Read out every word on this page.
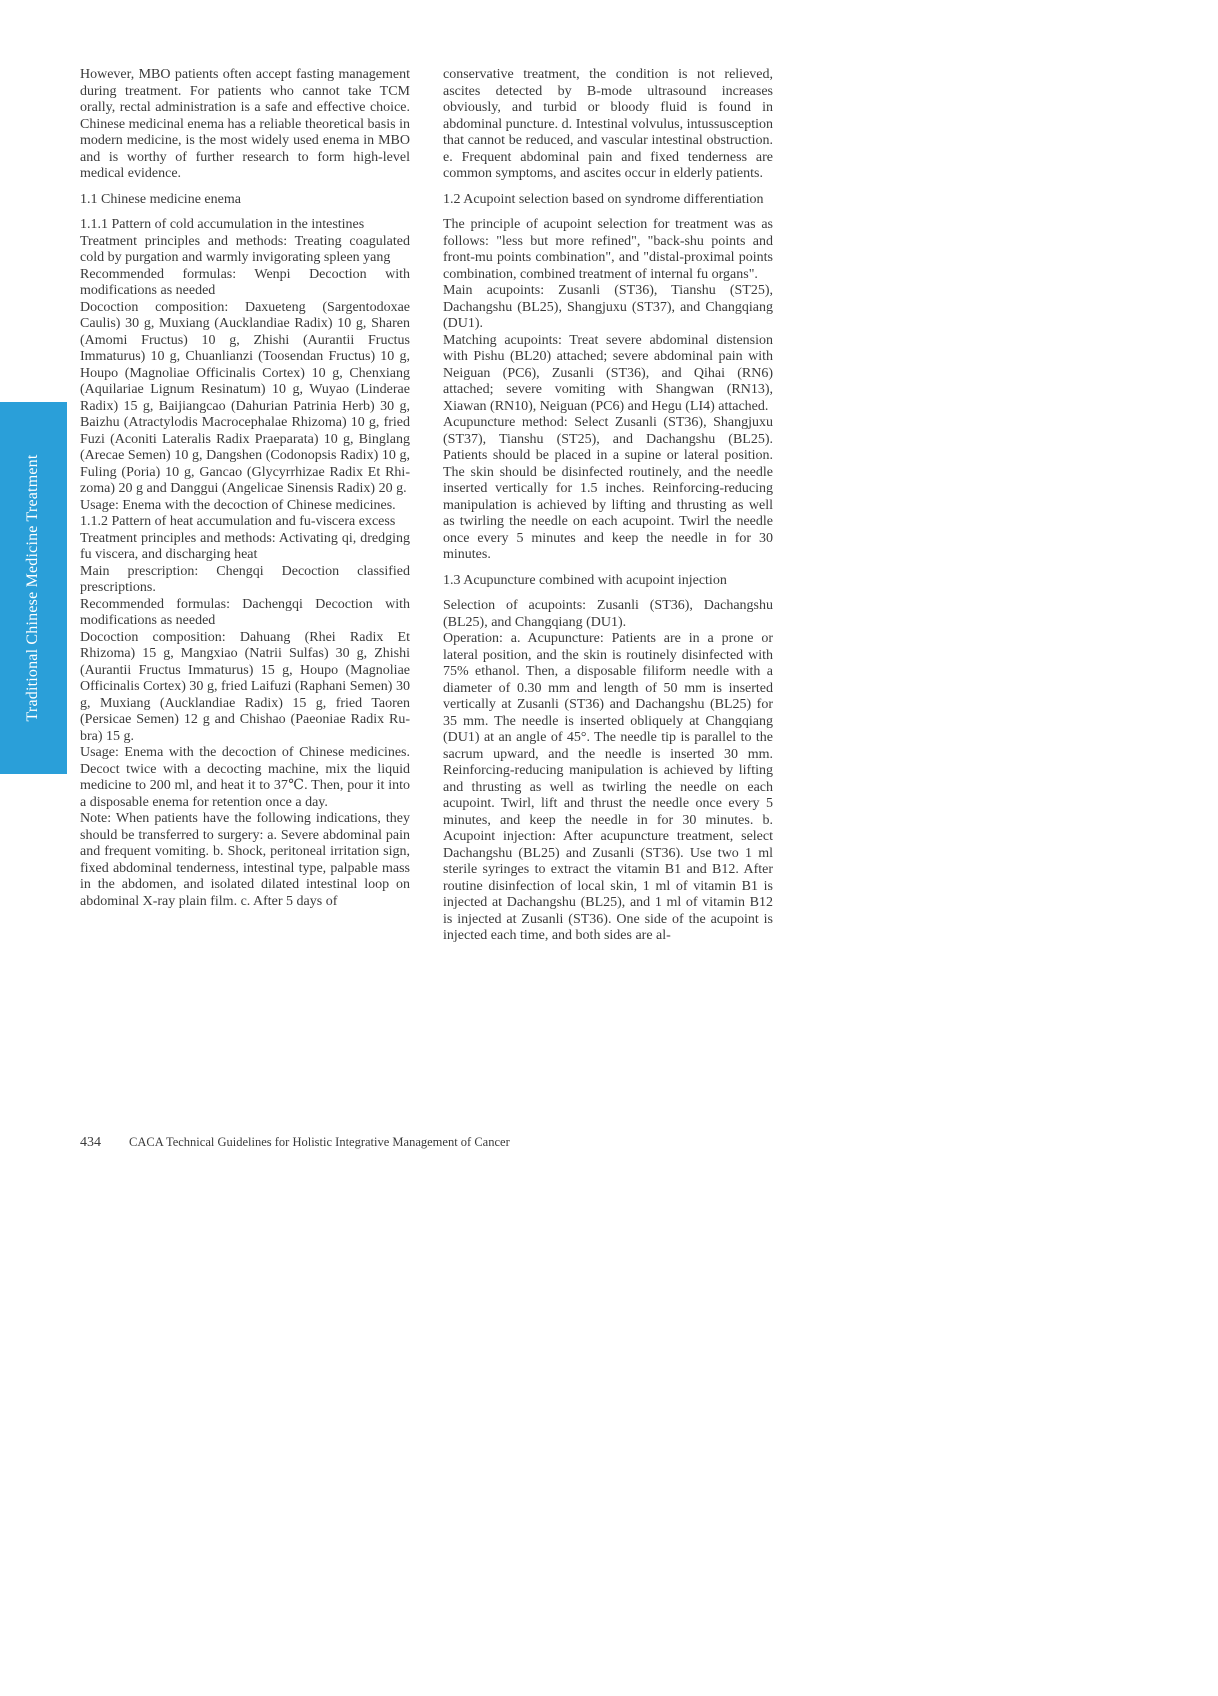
Traditional Chinese Medicine Treatment

However, MBO patients often accept fasting management during treatment. For patients who cannot take TCM orally, rectal administration is a safe and effective choice. Chinese medicinal enema has a reliable theoretical basis in modern medicine, is the most widely used enema in MBO and is worthy of further research to form high-level medical evidence.

1.1 Chinese medicine enema

1.1.1 Pattern of cold accumulation in the intestines

Treatment principles and methods: Treating coagulated cold by purgation and warmly invigorating spleen yang

Recommended formulas: Wenpi Decoction with modifications as needed

Docoction composition: Daxueteng (Sargentodoxae Caulis) 30 g, Muxiang (Aucklandiae Radix) 10 g, Sharen (Amomi Fructus) 10 g, Zhishi (Aurantii Fructus Immaturus) 10 g, Chuanlianzi (Toosendan Fructus) 10 g, Houpo (Magnoliae Officinalis Cortex) 10 g, Chenxiang (Aquilariae Lignum Resinatum) 10 g, Wuyao (Linderae Radix) 15 g, Baijiangcao (Dahurian Patrinia Herb) 30 g, Baizhu (Atractylodis Macrocephalae Rhizoma) 10 g, fried Fuzi (Aconiti Lateralis Radix Praeparata) 10 g, Binglang (Arecae Semen) 10 g, Dangshen (Codonopsis Radix) 10 g, Fuling (Poria) 10 g, Gancao (Glycyrrhizae Radix Et Rhizoma) 20 g and Danggui (Angelicae Sinensis Radix) 20 g.

Usage: Enema with the decoction of Chinese medicines.

1.1.2 Pattern of heat accumulation and fu-viscera excess

Treatment principles and methods: Activating qi, dredging fu viscera, and discharging heat

Main prescription: Chengqi Decoction classified prescriptions.

Recommended formulas: Dachengqi Decoction with modifications as needed

Docoction composition: Dahuang (Rhei Radix Et Rhizoma) 15 g, Mangxiao (Natrii Sulfas) 30 g, Zhishi (Aurantii Fructus Immaturus) 15 g, Houpo (Magnoliae Officinalis Cortex) 30 g, fried Laifuzi (Raphani Semen) 30 g, Muxiang (Aucklandiae Radix) 15 g, fried Taoren (Persicae Semen) 12 g and Chishao (Paeoniae Radix Rubra) 15 g.

Usage: Enema with the decoction of Chinese medicines. Decoct twice with a decocting machine, mix the liquid medicine to 200 ml, and heat it to 37℃. Then, pour it into a disposable enema for retention once a day.

Note: When patients have the following indications, they should be transferred to surgery: a. Severe abdominal pain and frequent vomiting. b. Shock, peritoneal irritation sign, fixed abdominal tenderness, intestinal type, palpable mass in the abdomen, and isolated dilated intestinal loop on abdominal X-ray plain film. c. After 5 days of

conservative treatment, the condition is not relieved, ascites detected by B-mode ultrasound increases obviously, and turbid or bloody fluid is found in abdominal puncture. d. Intestinal volvulus, intussusception that cannot be reduced, and vascular intestinal obstruction. e. Frequent abdominal pain and fixed tenderness are common symptoms, and ascites occur in elderly patients.

1.2 Acupoint selection based on syndrome differentiation

The principle of acupoint selection for treatment was as follows: "less but more refined", "back-shu points and front-mu points combination", and "distal-proximal points combination, combined treatment of internal fu organs".

Main acupoints: Zusanli (ST36), Tianshu (ST25), Dachangshu (BL25), Shangjuxu (ST37), and Changqiang (DU1).

Matching acupoints: Treat severe abdominal distension with Pishu (BL20) attached; severe abdominal pain with Neiguan (PC6), Zusanli (ST36), and Qihai (RN6) attached; severe vomiting with Shangwan (RN13), Xiawan (RN10), Neiguan (PC6) and Hegu (LI4) attached.

Acupuncture method: Select Zusanli (ST36), Shangjuxu (ST37), Tianshu (ST25), and Dachangshu (BL25). Patients should be placed in a supine or lateral position. The skin should be disinfected routinely, and the needle inserted vertically for 1.5 inches. Reinforcing-reducing manipulation is achieved by lifting and thrusting as well as twirling the needle on each acupoint. Twirl the needle once every 5 minutes and keep the needle in for 30 minutes.

1.3 Acupuncture combined with acupoint injection

Selection of acupoints: Zusanli (ST36), Dachangshu (BL25), and Changqiang (DU1).

Operation: a. Acupuncture: Patients are in a prone or lateral position, and the skin is routinely disinfected with 75% ethanol. Then, a disposable filiform needle with a diameter of 0.30 mm and length of 50 mm is inserted vertically at Zusanli (ST36) and Dachangshu (BL25) for 35 mm. The needle is inserted obliquely at Changqiang (DU1) at an angle of 45°. The needle tip is parallel to the sacrum upward, and the needle is inserted 30 mm. Reinforcing-reducing manipulation is achieved by lifting and thrusting as well as twirling the needle on each acupoint. Twirl, lift and thrust the needle once every 5 minutes, and keep the needle in for 30 minutes. b. Acupoint injection: After acupuncture treatment, select Dachangshu (BL25) and Zusanli (ST36). Use two 1 ml sterile syringes to extract the vitamin B1 and B12. After routine disinfection of local skin, 1 ml of vitamin B1 is injected at Dachangshu (BL25), and 1 ml of vitamin B12 is injected at Zusanli (ST36). One side of the acupoint is injected each time, and both sides are al-

434 CACA Technical Guidelines for Holistic Integrative Management of Cancer
